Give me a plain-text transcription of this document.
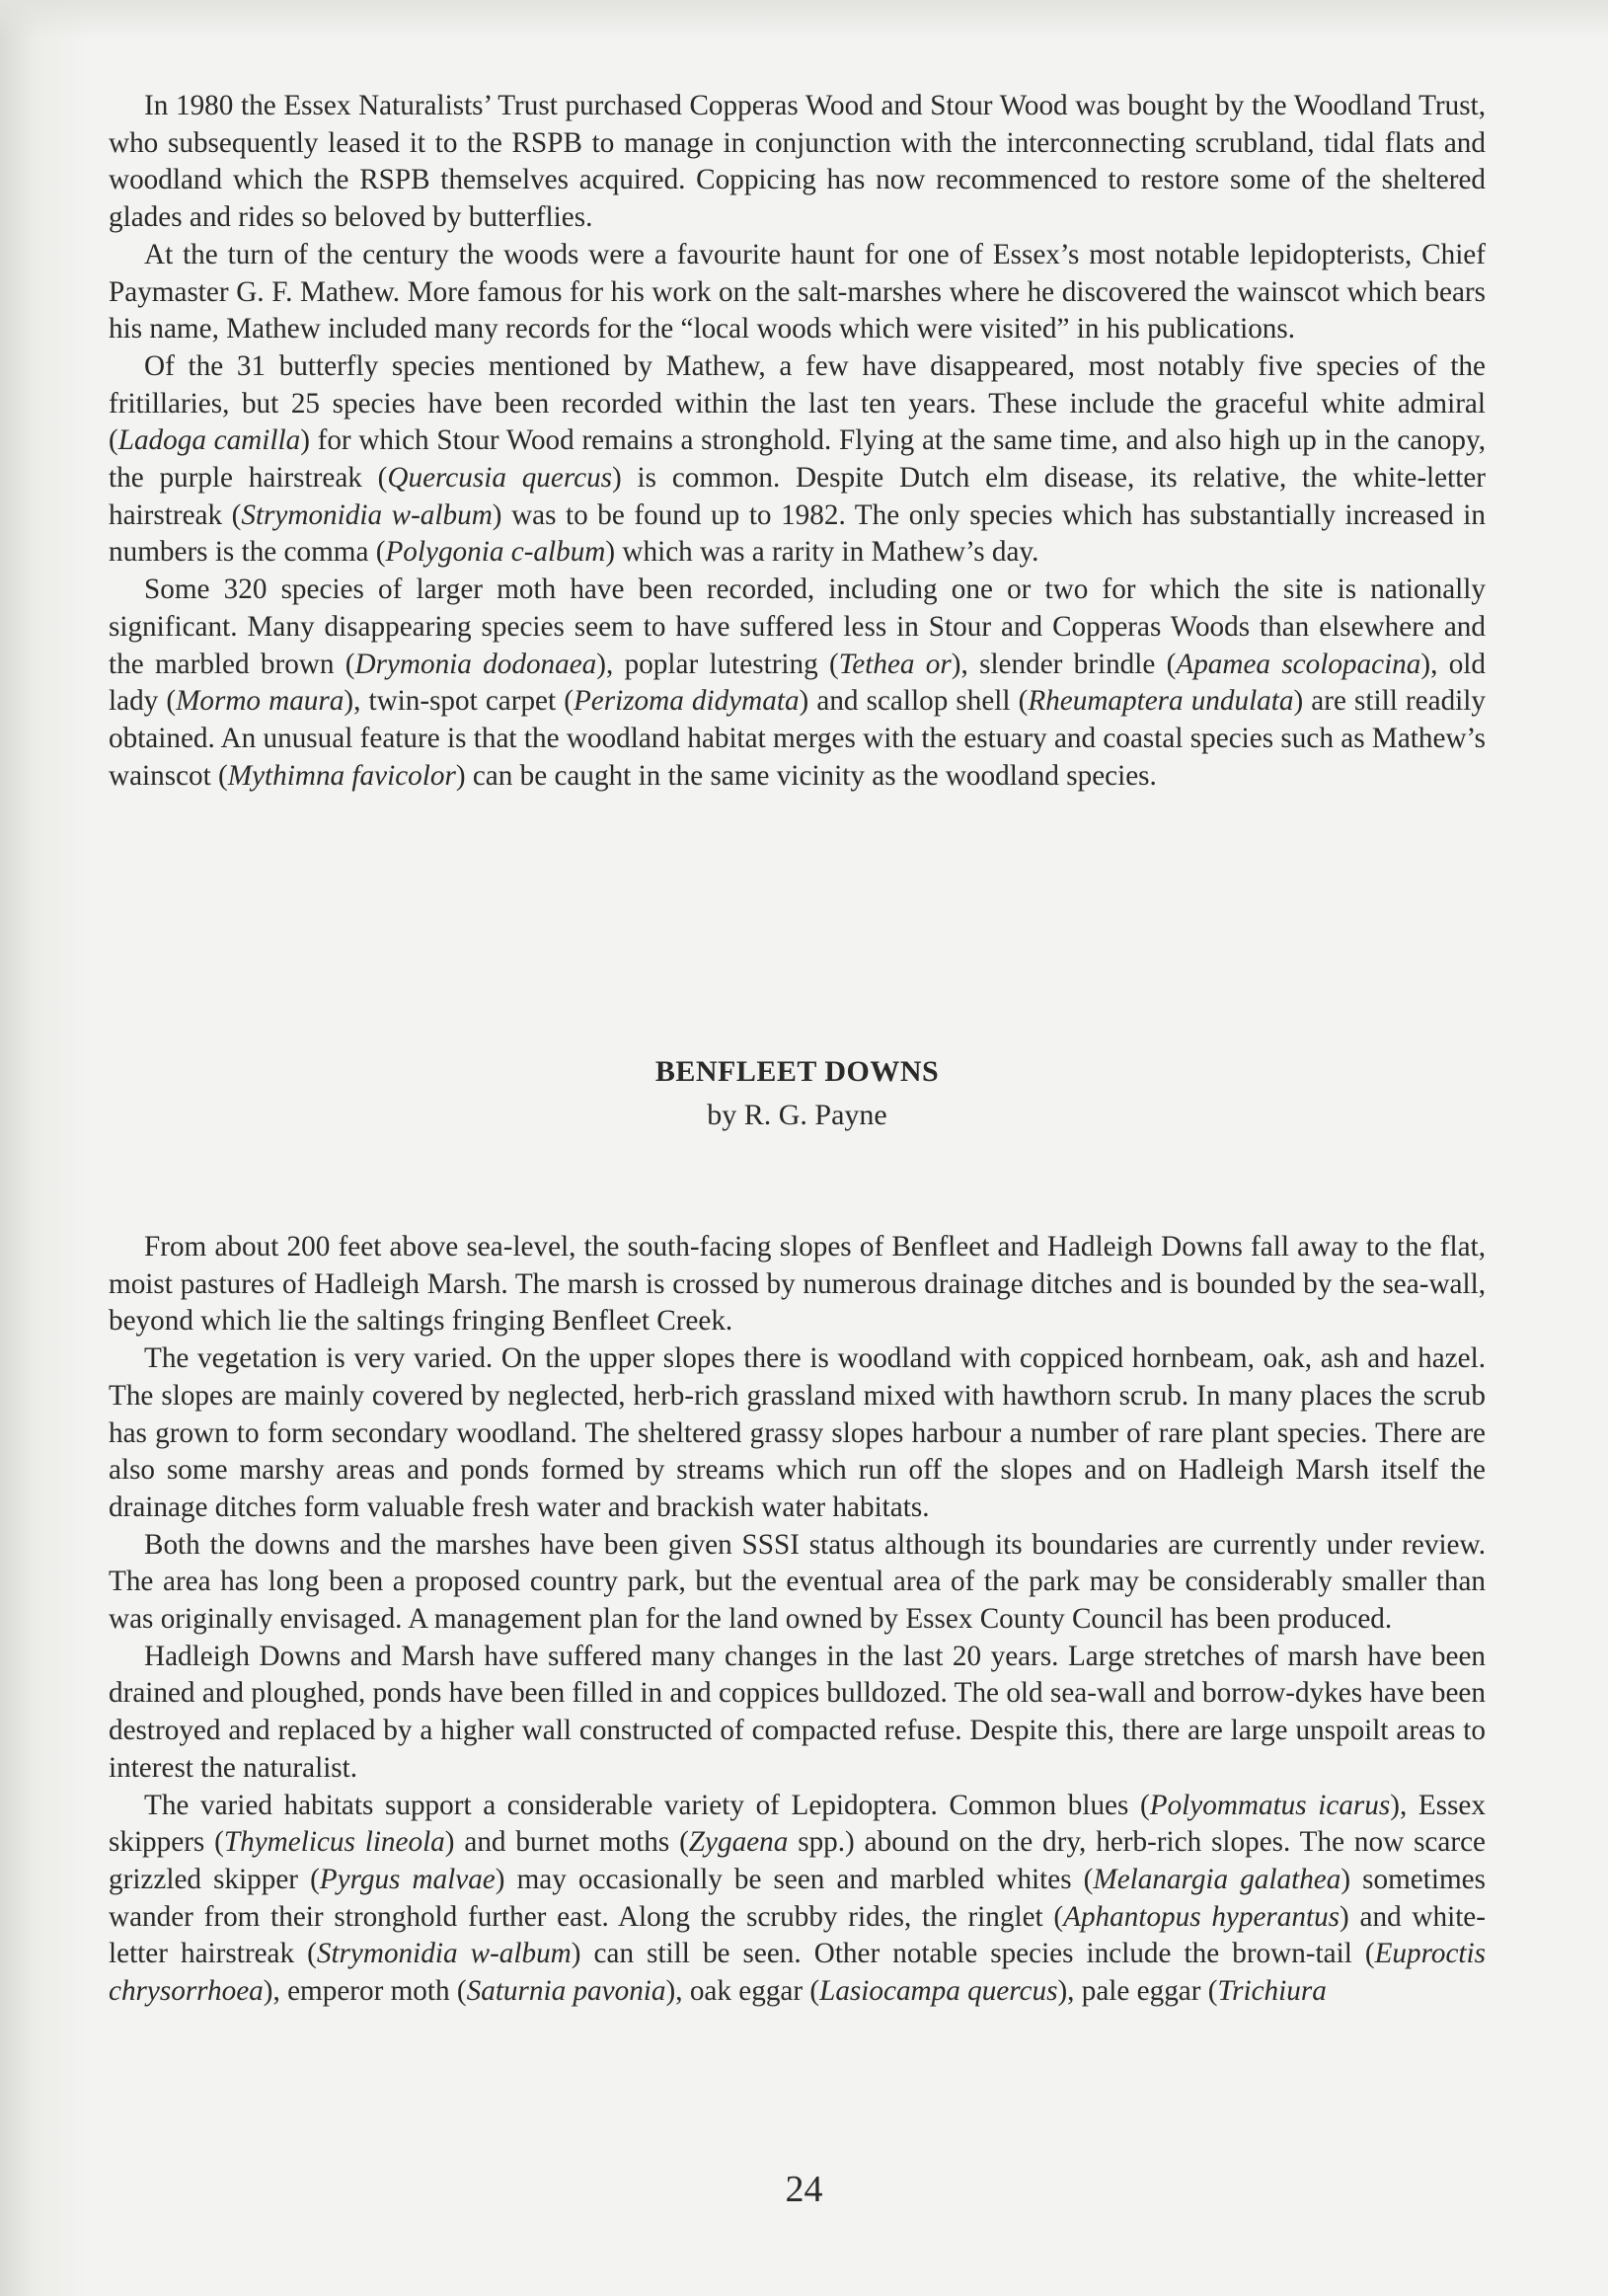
In 1980 the Essex Naturalists’ Trust purchased Copperas Wood and Stour Wood was bought by the Woodland Trust, who subsequently leased it to the RSPB to manage in conjunction with the interconnecting scrubland, tidal flats and woodland which the RSPB themselves acquired. Coppicing has now recommenced to restore some of the sheltered glades and rides so beloved by butterflies.

At the turn of the century the woods were a favourite haunt for one of Essex’s most notable lepidopterists, Chief Paymaster G. F. Mathew. More famous for his work on the salt-marshes where he discovered the wainscot which bears his name, Mathew included many records for the “local woods which were visited” in his publications.

Of the 31 butterfly species mentioned by Mathew, a few have disappeared, most notably five species of the fritillaries, but 25 species have been recorded within the last ten years. These include the graceful white admiral (Ladoga camilla) for which Stour Wood remains a stronghold. Flying at the same time, and also high up in the canopy, the purple hairstreak (Quercusia quercus) is common. Despite Dutch elm disease, its relative, the white-letter hairstreak (Strymonidia w-album) was to be found up to 1982. The only species which has substantially increased in numbers is the comma (Polygonia c-album) which was a rarity in Mathew’s day.

Some 320 species of larger moth have been recorded, including one or two for which the site is nationally significant. Many disappearing species seem to have suffered less in Stour and Copperas Woods than elsewhere and the marbled brown (Drymonia dodonaea), poplar lutestring (Tethea or), slender brindle (Apamea scolopacina), old lady (Mormo maura), twin-spot carpet (Perizoma didymata) and scallop shell (Rheumaptera undulata) are still readily obtained. An unusual feature is that the woodland habitat merges with the estuary and coastal species such as Mathew’s wainscot (Mythimna favicolor) can be caught in the same vicinity as the woodland species.

BENFLEET DOWNS
by R. G. Payne

From about 200 feet above sea-level, the south-facing slopes of Benfleet and Hadleigh Downs fall away to the flat, moist pastures of Hadleigh Marsh. The marsh is crossed by numerous drainage ditches and is bounded by the sea-wall, beyond which lie the saltings fringing Benfleet Creek.

The vegetation is very varied. On the upper slopes there is woodland with coppiced hornbeam, oak, ash and hazel. The slopes are mainly covered by neglected, herb-rich grassland mixed with hawthorn scrub. In many places the scrub has grown to form secondary woodland. The sheltered grassy slopes harbour a number of rare plant species. There are also some marshy areas and ponds formed by streams which run off the slopes and on Hadleigh Marsh itself the drainage ditches form valuable fresh water and brackish water habitats.

Both the downs and the marshes have been given SSSI status although its boundaries are currently under review. The area has long been a proposed country park, but the eventual area of the park may be considerably smaller than was originally envisaged. A management plan for the land owned by Essex County Council has been produced.

Hadleigh Downs and Marsh have suffered many changes in the last 20 years. Large stretches of marsh have been drained and ploughed, ponds have been filled in and coppices bulldozed. The old sea-wall and borrow-dykes have been destroyed and replaced by a higher wall constructed of compacted refuse. Despite this, there are large unspoilt areas to interest the naturalist.

The varied habitats support a considerable variety of Lepidoptera. Common blues (Polyommatus icarus), Essex skippers (Thymelicus lineola) and burnet moths (Zygaena spp.) abound on the dry, herb-rich slopes. The now scarce grizzled skipper (Pyrgus malvae) may occasionally be seen and marbled whites (Melanargia galathea) sometimes wander from their stronghold further east. Along the scrubby rides, the ringlet (Aphantopus hyperantus) and white-letter hairstreak (Strymonidia w-album) can still be seen. Other notable species include the brown-tail (Euproctis chrysorrhoea), emperor moth (Saturnia pavonia), oak eggar (Lasiocampa quercus), pale eggar (Trichiura

24
